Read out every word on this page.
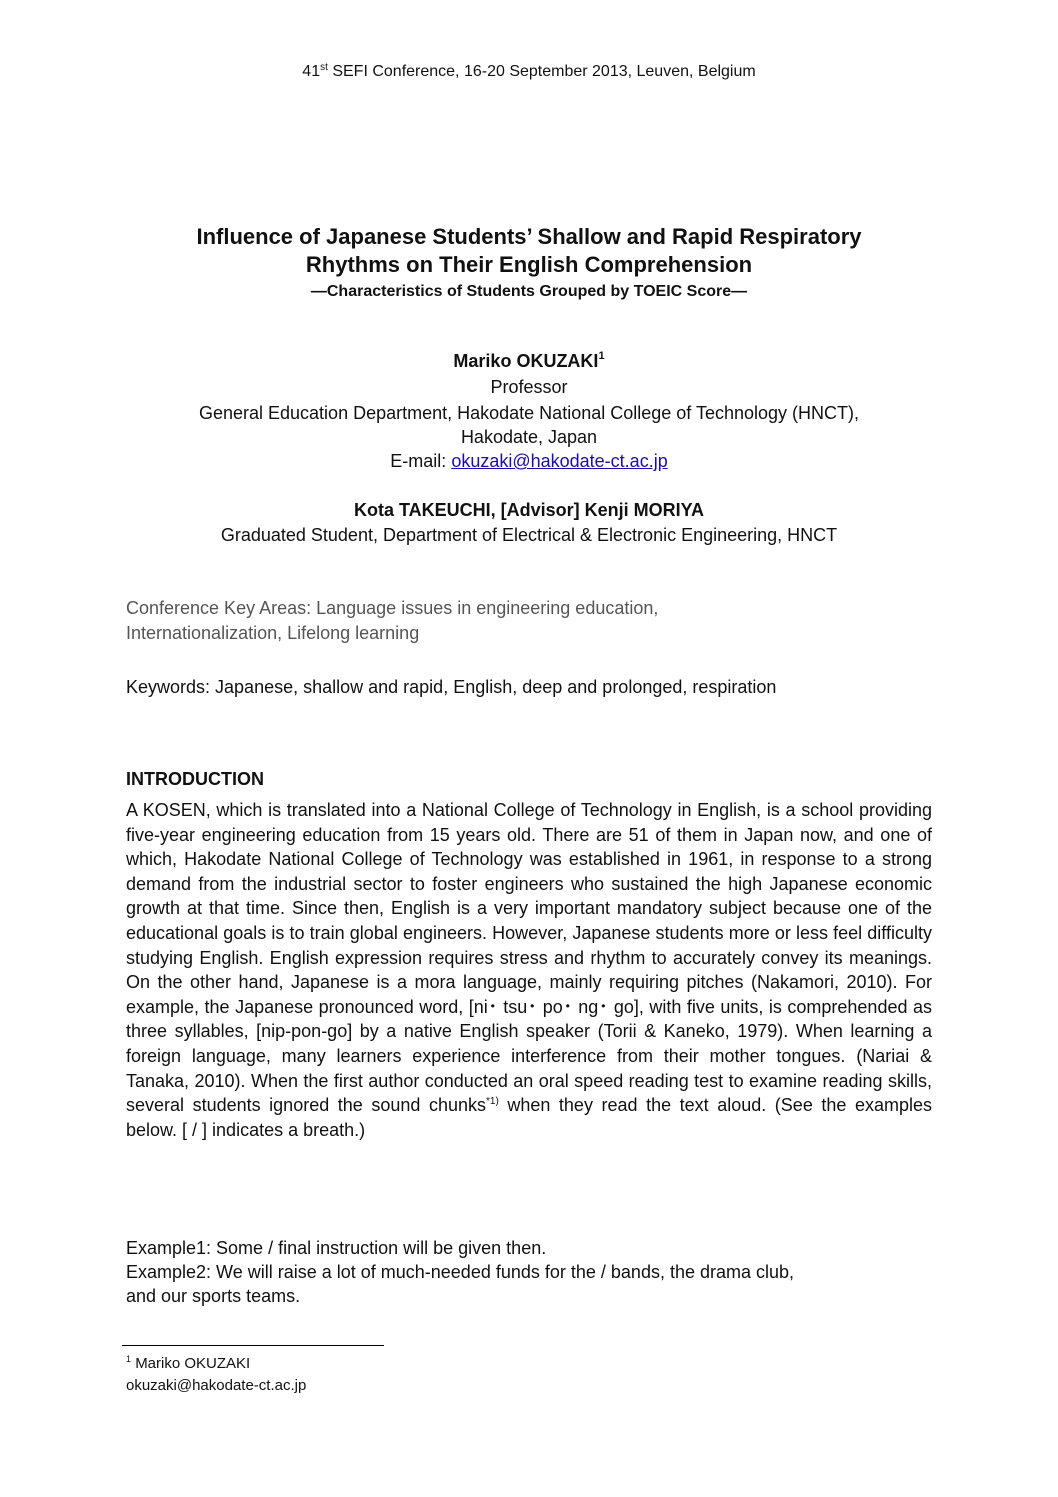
41st SEFI Conference, 16-20 September 2013, Leuven, Belgium
Influence of Japanese Students’ Shallow and Rapid Respiratory
Rhythms on Their English Comprehension
―Characteristics of Students Grouped by TOEIC Score―
Mariko OKUZAKI$^1$
Professor
General Education Department, Hakodate National College of Technology (HNCT),
Hakodate, Japan
E-mail: okuzaki@hakodate-ct.ac.jp
Kota TAKEUCHI, [Advisor] Kenji MORIYA
Graduated Student, Department of Electrical & Electronic Engineering, HNCT
Conference Key Areas: Language issues in engineering education,
Internationalization, Lifelong learning
Keywords: Japanese, shallow and rapid, English, deep and prolonged, respiration
INTRODUCTION
A KOSEN, which is translated into a National College of Technology in English, is a school providing five-year engineering education from 15 years old. There are 51 of them in Japan now, and one of which, Hakodate National College of Technology was established in 1961, in response to a strong demand from the industrial sector to foster engineers who sustained the high Japanese economic growth at that time. Since then, English is a very important mandatory subject because one of the educational goals is to train global engineers. However, Japanese students more or less feel difficulty studying English. English expression requires stress and rhythm to accurately convey its meanings. On the other hand, Japanese is a mora language, mainly requiring pitches (Nakamori, 2010). For example, the Japanese pronounced word, [ni･ tsu･ po･ ng･ go], with five units, is comprehended as three syllables, [nip-pon-go] by a native English speaker (Torii & Kaneko, 1979). When learning a foreign language, many learners experience interference from their mother tongues. (Nariai & Tanaka, 2010). When the first author conducted an oral speed reading test to examine reading skills, several students ignored the sound chunks$^{*1)}$ when they read the text aloud. (See the examples below. [ / ] indicates a breath.)
Example1: Some / final instruction will be given then.
Example2: We will raise a lot of much-needed funds for the / bands, the drama club,
and our sports teams.
$^1$ Mariko OKUZAKI
okuzaki@hakodate-ct.ac.jp
